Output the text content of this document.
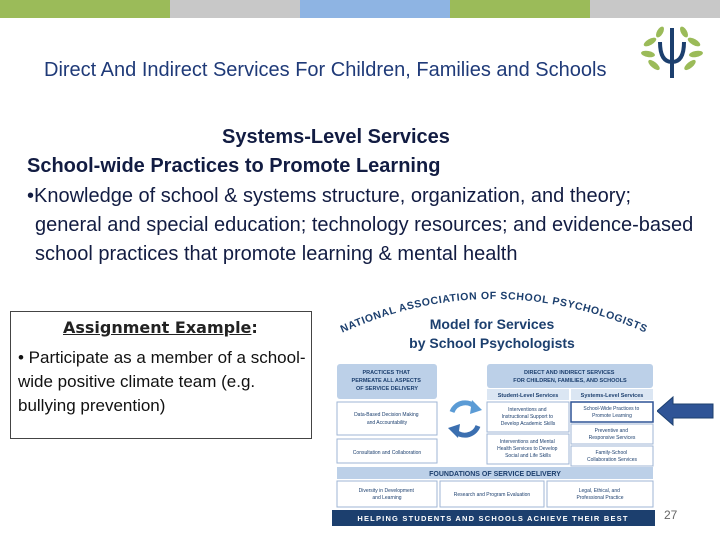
Direct And Indirect Services For Children, Families and Schools
Systems-Level Services
School-wide Practices to Promote Learning
•Knowledge of school & systems structure, organization, and theory; general and special education; technology resources; and evidence-based school practices that promote learning & mental health
Assignment Example:
• Participate as a member of a school-wide positive climate team (e.g. bullying prevention)
NATIONAL ASSOCIATION OF SCHOOL PSYCHOLOGISTS
Model for Services
by School Psychologists
PRACTICES THAT PERMEATE ALL ASPECTS OF SERVICE DELIVERY
Data-Based Decision Making and Accountability
Consultation and Collaboration
DIRECT AND INDIRECT SERVICES FOR CHILDREN, FAMILIES, AND SCHOOLS
Student-Level Services	Systems-Level Services
Interventions and Instructional Support to Develop Academic Skills
Interventions and Mental Health Services to Develop Social and Life Skills
School-Wide Practices to Promote Learning
Preventive and Responsive Services
Family-School Collaboration Services
FOUNDATIONS OF SERVICE DELIVERY
Diversity in Development and Learning	Research and Program Evaluation
Legal, Ethical, and Professional Practice
HELPING STUDENTS AND SCHOOLS ACHIEVE THEIR BEST	27
